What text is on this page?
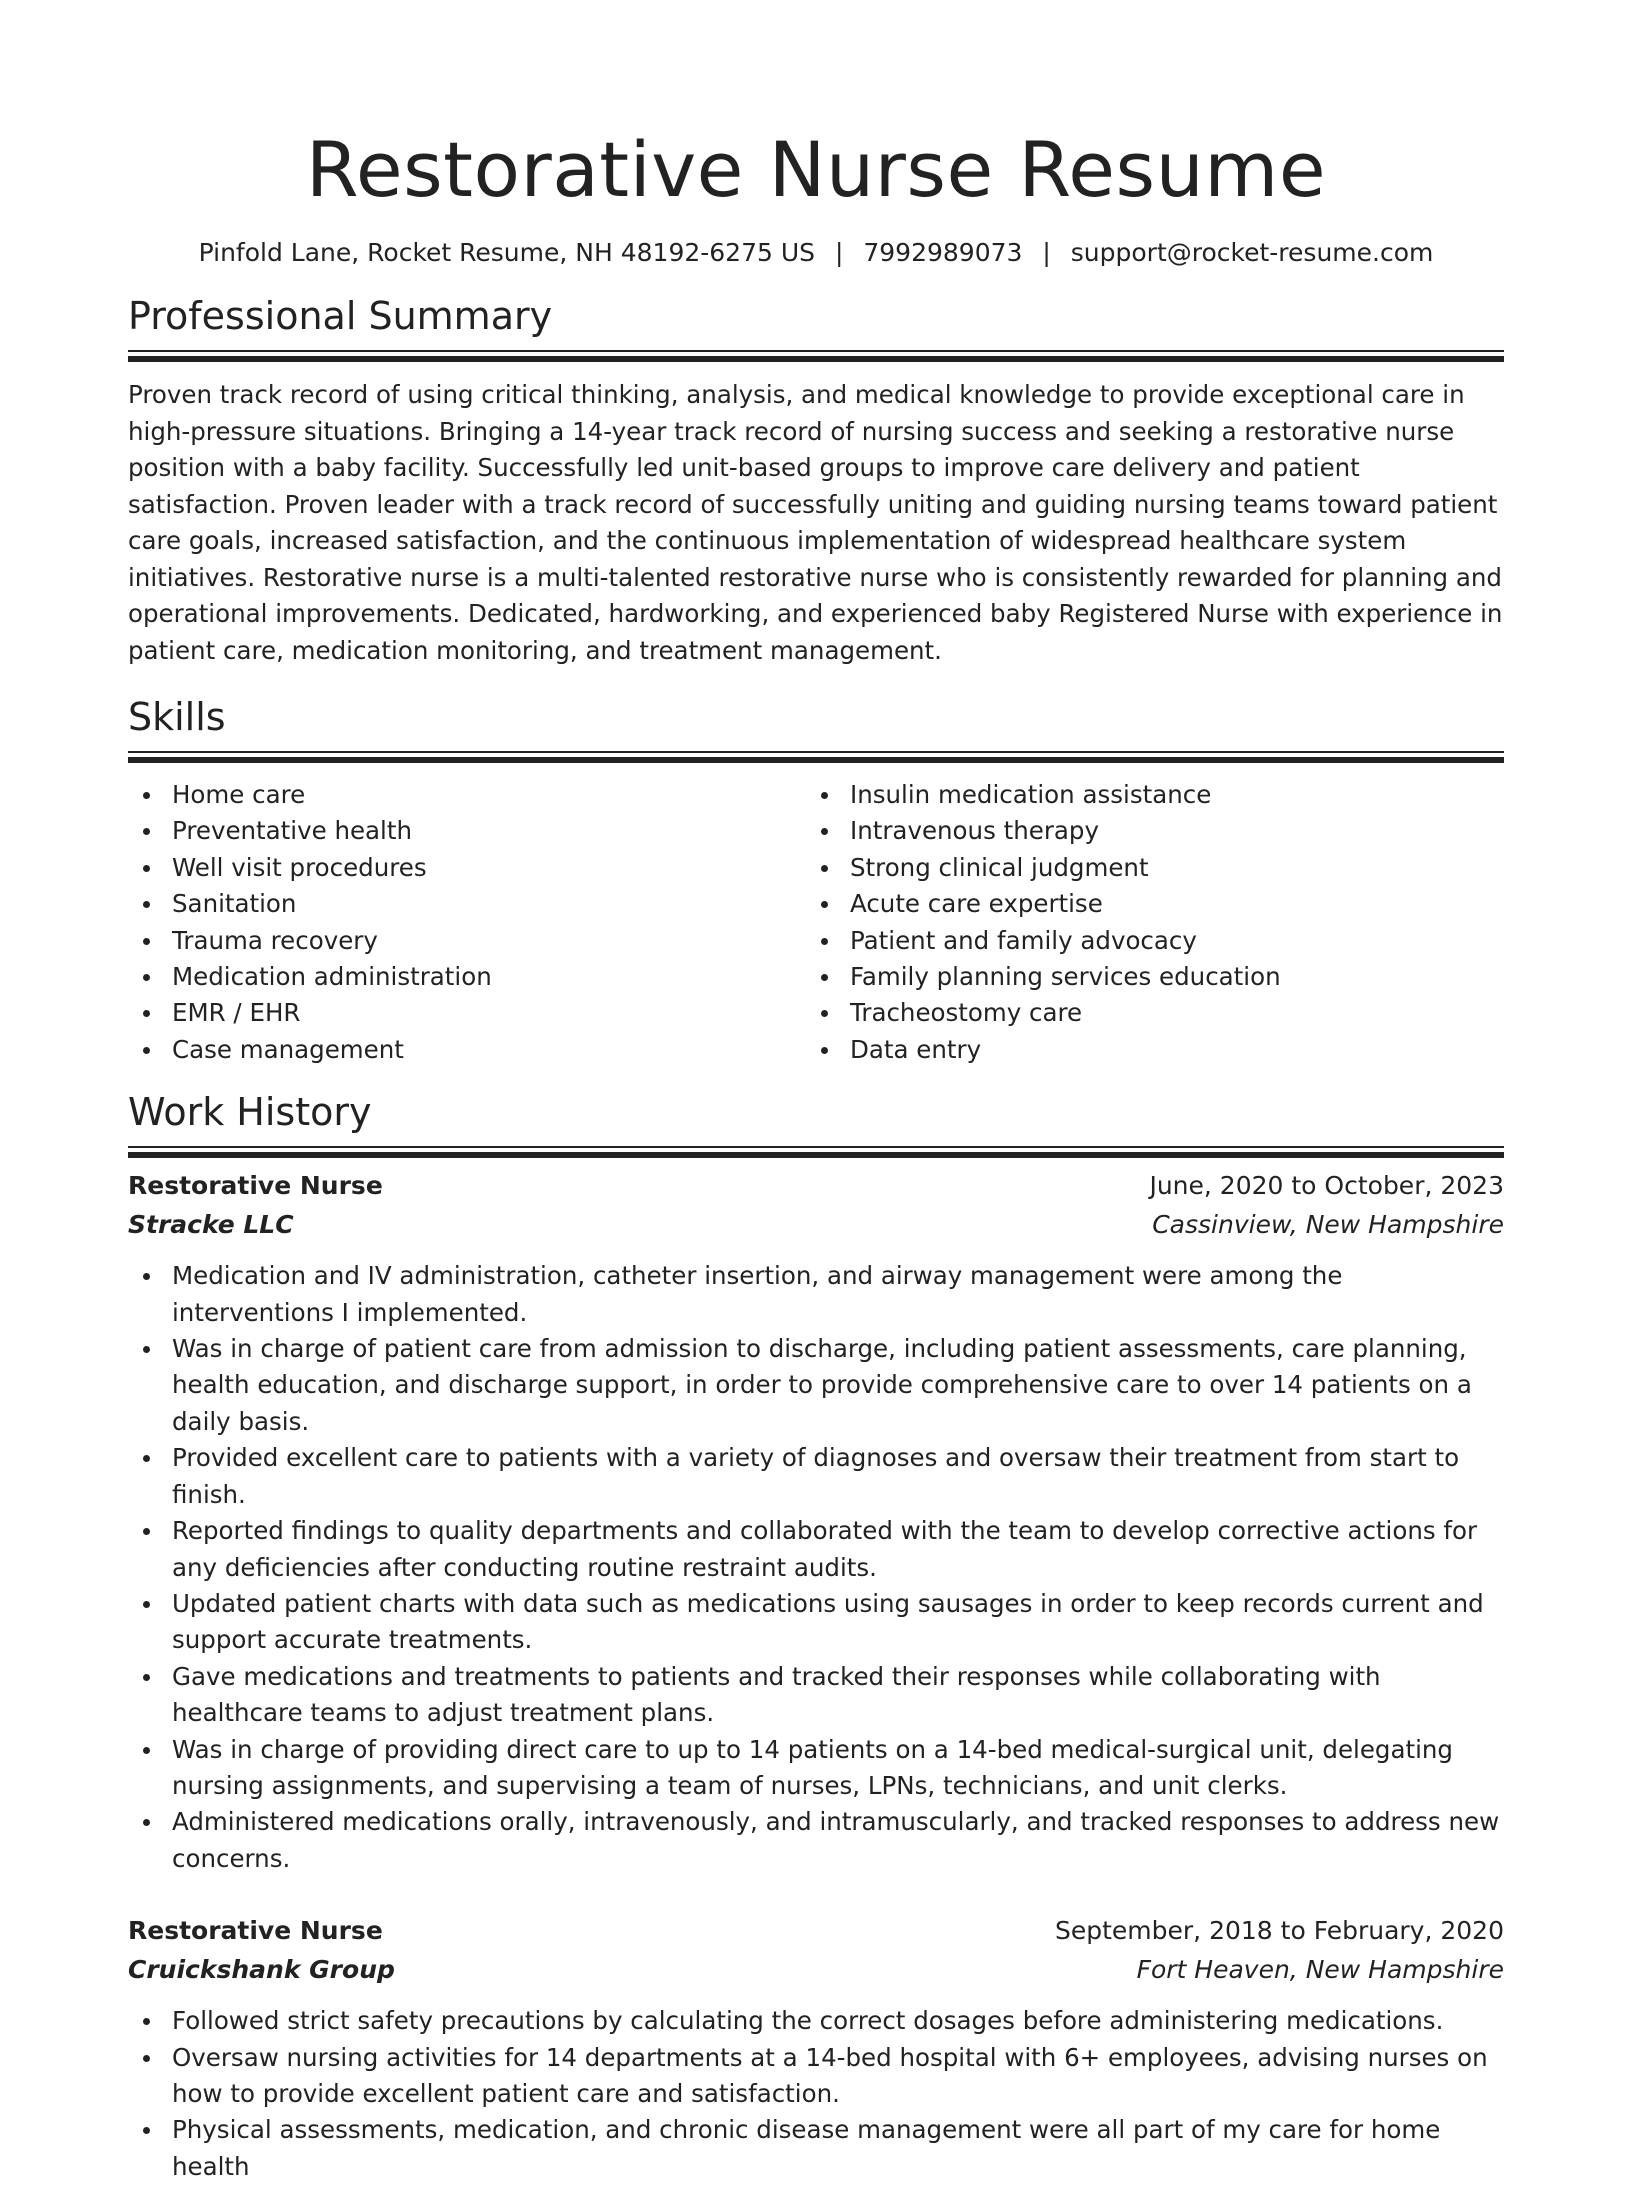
Restorative Nurse Resume
Pinfold Lane, Rocket Resume, NH 48192-6275 US | 7992989073 | support@rocket-resume.com
Professional Summary

Proven track record of using critical thinking, analysis, and medical knowledge to provide exceptional care in high-pressure situations. Bringing a 14-year track record of nursing success and seeking a restorative nurse position with a baby facility. Successfully led unit-based groups to improve care delivery and patient satisfaction. Proven leader with a track record of successfully uniting and guiding nursing teams toward patient care goals, increased satisfaction, and the continuous implementation of widespread healthcare system initiatives. Restorative nurse is a multi-talented restorative nurse who is consistently rewarded for planning and operational improvements. Dedicated, hardworking, and experienced baby Registered Nurse with experience in patient care, medication monitoring, and treatment management.

Skills
Home care
Preventative health
Well visit procedures
Sanitation
Trauma recovery
Medication administration
EMR / EHR
Case management
Insulin medication assistance
Intravenous therapy
Strong clinical judgment
Acute care expertise
Patient and family advocacy
Family planning services education
Tracheostomy care
Data entry
Work History
Restorative Nurse	June, 2020 to October, 2023
Stracke LLC	Cassinview, New Hampshire
Medication and IV administration, catheter insertion, and airway management were among the interventions I implemented.
Was in charge of patient care from admission to discharge, including patient assessments, care planning, health education, and discharge support, in order to provide comprehensive care to over 14 patients on a daily basis.
Provided excellent care to patients with a variety of diagnoses and oversaw their treatment from start to finish.
Reported findings to quality departments and collaborated with the team to develop corrective actions for any deficiencies after conducting routine restraint audits.
Updated patient charts with data such as medications using sausages in order to keep records current and support accurate treatments.
Gave medications and treatments to patients and tracked their responses while collaborating with healthcare teams to adjust treatment plans.
Was in charge of providing direct care to up to 14 patients on a 14-bed medical-surgical unit, delegating nursing assignments, and supervising a team of nurses, LPNs, technicians, and unit clerks.
Administered medications orally, intravenously, and intramuscularly, and tracked responses to address new concerns.
Restorative Nurse	September, 2018 to February, 2020
Cruickshank Group	Fort Heaven, New Hampshire
Followed strict safety precautions by calculating the correct dosages before administering medications.
Oversaw nursing activities for 14 departments at a 14-bed hospital with 6+ employees, advising nurses on how to provide excellent patient care and satisfaction.
Physical assessments, medication, and chronic disease management were all part of my care for home health
